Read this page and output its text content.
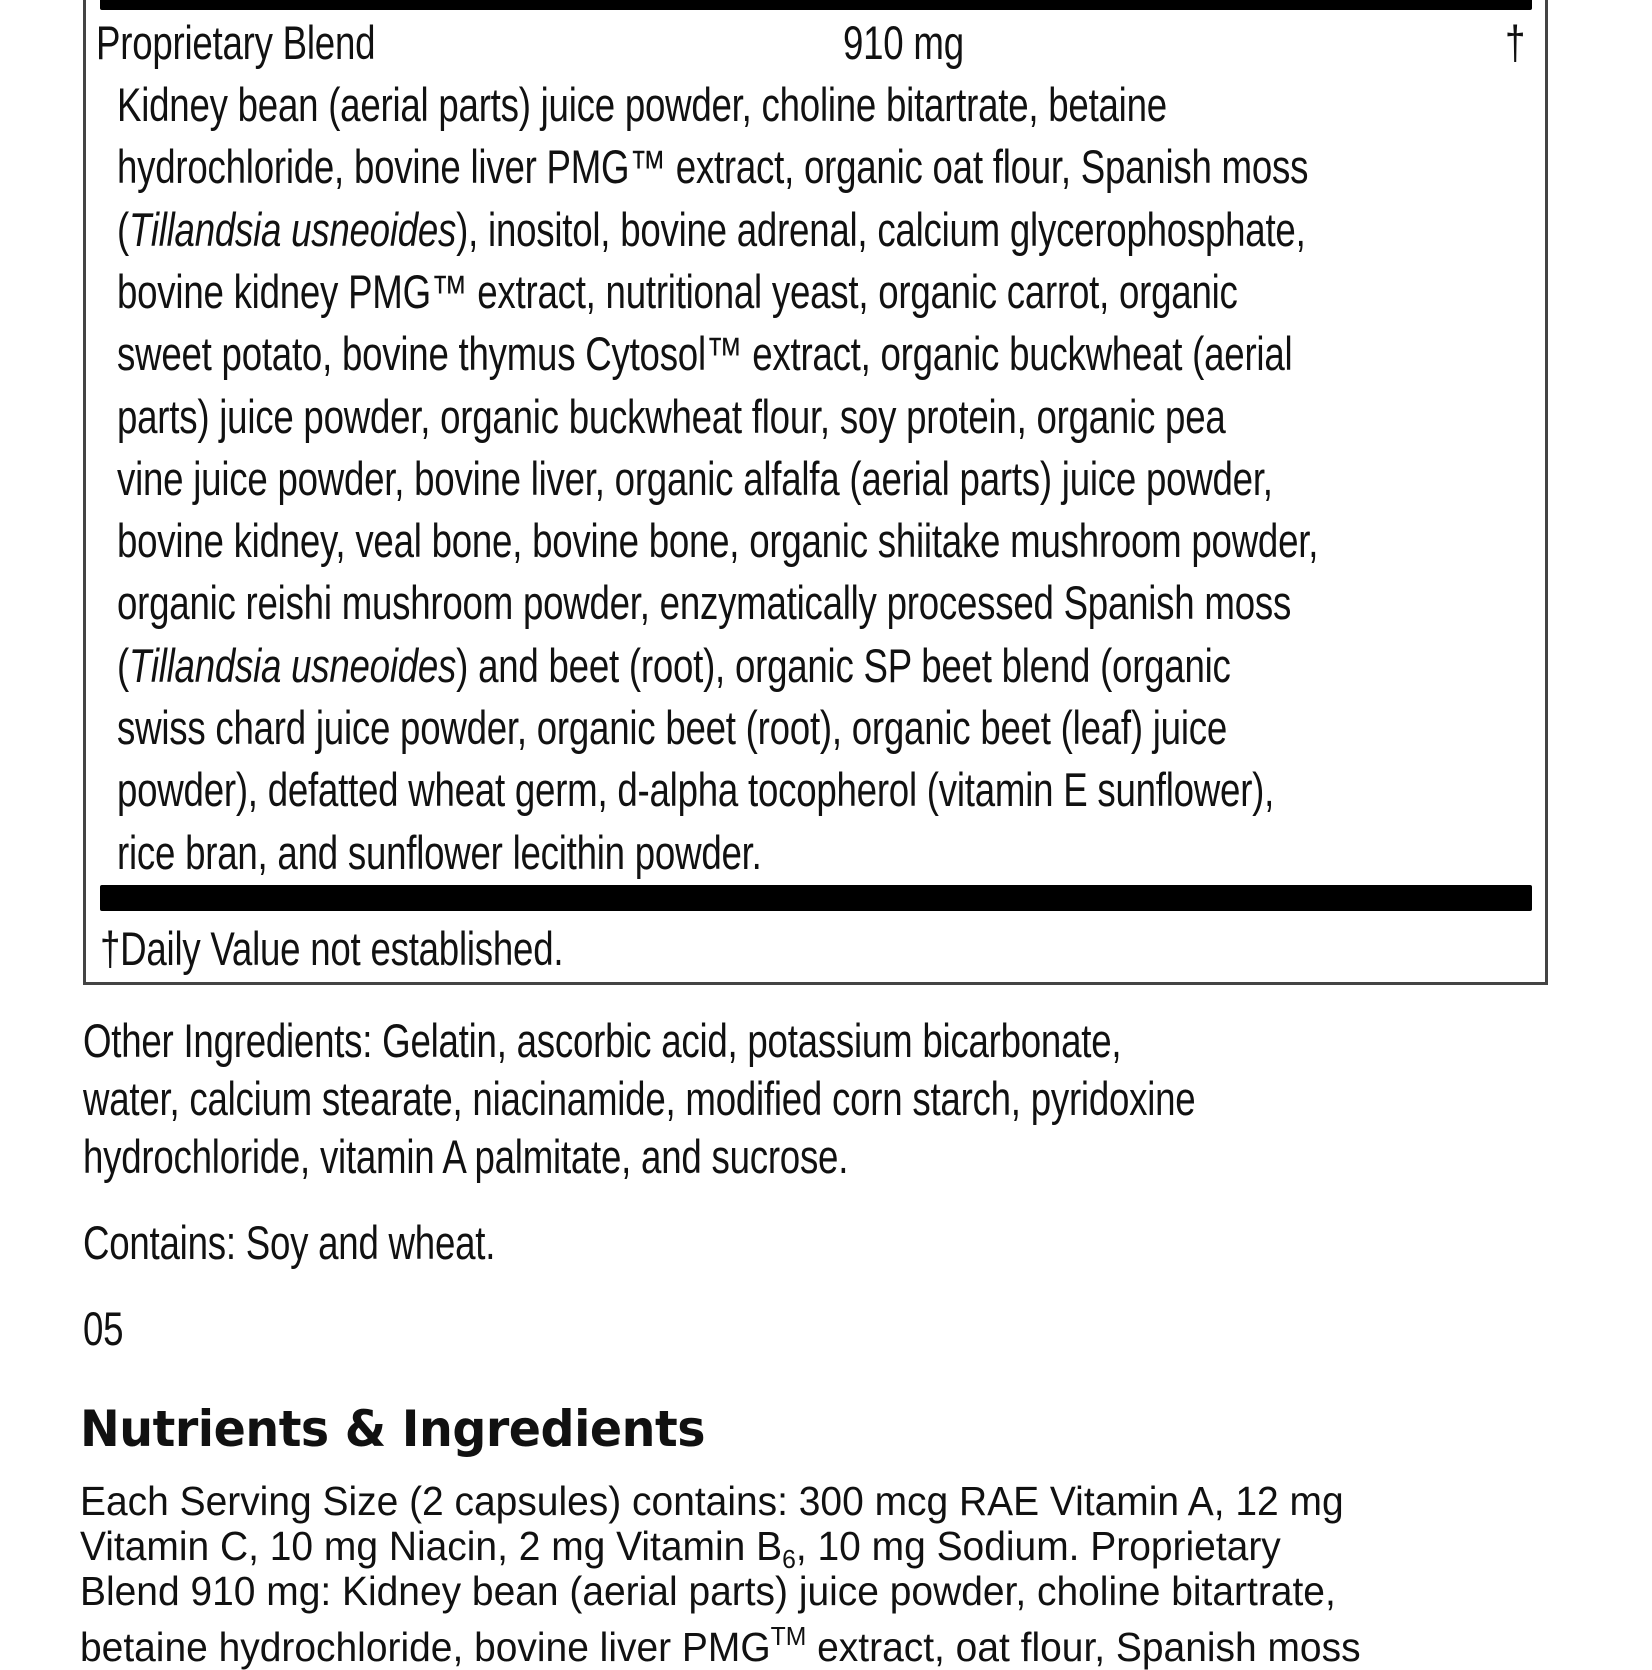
Proprietary Blend	910 mg	†
Kidney bean (aerial parts) juice powder, choline bitartrate, betaine
hydrochloride, bovine liver PMG™ extract, organic oat flour, Spanish moss
(Tillandsia usneoides), inositol, bovine adrenal, calcium glycerophosphate,
bovine kidney PMG™ extract, nutritional yeast, organic carrot, organic
sweet potato, bovine thymus Cytosol™ extract, organic buckwheat (aerial
parts) juice powder, organic buckwheat flour, soy protein, organic pea
vine juice powder, bovine liver, organic alfalfa (aerial parts) juice powder,
bovine kidney, veal bone, bovine bone, organic shiitake mushroom powder,
organic reishi mushroom powder, enzymatically processed Spanish moss
(Tillandsia usneoides) and beet (root), organic SP beet blend (organic
swiss chard juice powder, organic beet (root), organic beet (leaf) juice
powder), defatted wheat germ, d-alpha tocopherol (vitamin E sunflower),
rice bran, and sunflower lecithin powder.
†Daily Value not established.
Other Ingredients: Gelatin, ascorbic acid, potassium bicarbonate,
water, calcium stearate, niacinamide, modified corn starch, pyridoxine
hydrochloride, vitamin A palmitate, and sucrose.
Contains: Soy and wheat.
05
Nutrients & Ingredients
Each Serving Size (2 capsules) contains: 300 mcg RAE Vitamin A, 12 mg
Vitamin C, 10 mg Niacin, 2 mg Vitamin $B_6$, 10 mg Sodium. Proprietary
Blend 910 mg: Kidney bean (aerial parts) juice powder, choline bitartrate,
betaine hydrochloride, bovine liver PMG™ extract, oat flour, Spanish moss
